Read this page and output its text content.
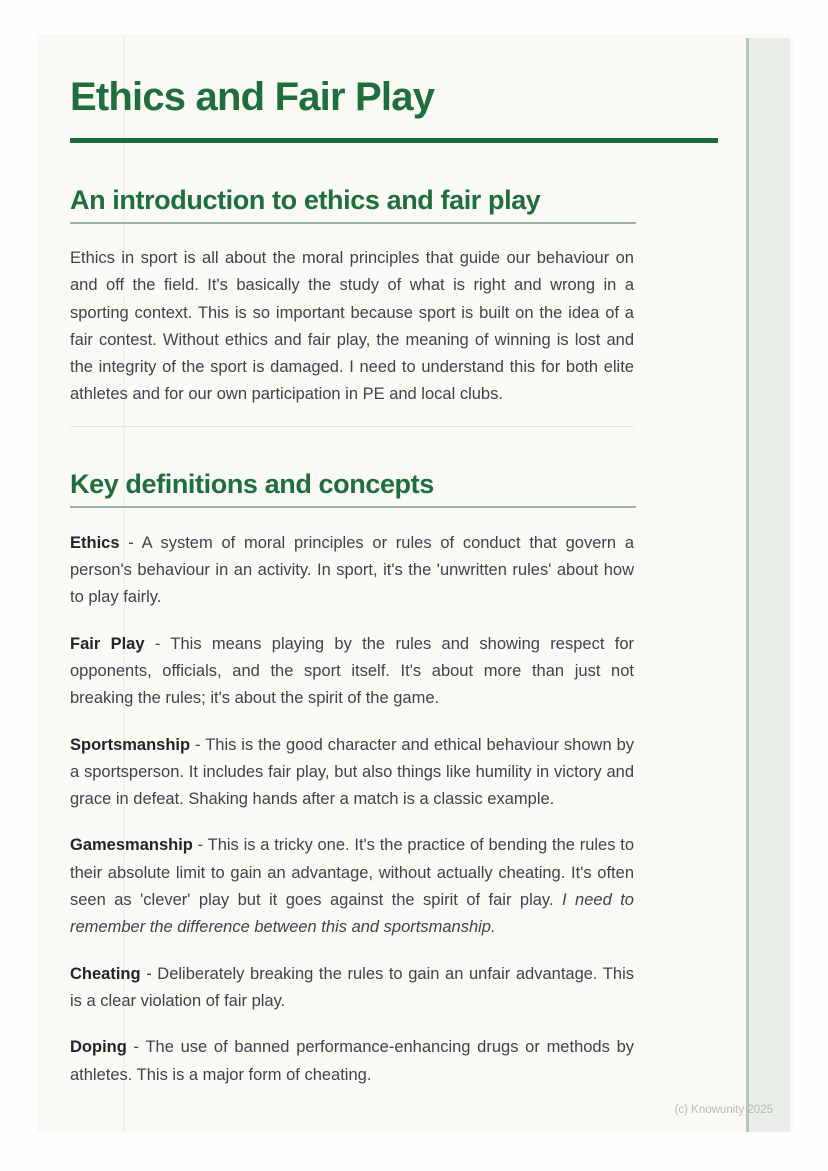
Ethics and Fair Play
An introduction to ethics and fair play

Ethics in sport is all about the moral principles that guide our behaviour on and off the field. It's basically the study of what is right and wrong in a sporting context. This is so important because sport is built on the idea of a fair contest. Without ethics and fair play, the meaning of winning is lost and the integrity of the sport is damaged. I need to understand this for both elite athletes and for our own participation in PE and local clubs.

Key definitions and concepts

Ethics - A system of moral principles or rules of conduct that govern a person's behaviour in an activity. In sport, it's the 'unwritten rules' about how to play fairly.

Fair Play - This means playing by the rules and showing respect for opponents, officials, and the sport itself. It's about more than just not breaking the rules; it's about the spirit of the game.

Sportsmanship - This is the good character and ethical behaviour shown by a sportsperson. It includes fair play, but also things like humility in victory and grace in defeat. Shaking hands after a match is a classic example.

Gamesmanship - This is a tricky one. It's the practice of bending the rules to their absolute limit to gain an advantage, without actually cheating. It's often seen as 'clever' play but it goes against the spirit of fair play. I need to remember the difference between this and sportsmanship.

Cheating - Deliberately breaking the rules to gain an unfair advantage. This is a clear violation of fair play.

Doping - The use of banned performance-enhancing drugs or methods by athletes. This is a major form of cheating.

(c) Knowunity 2025
